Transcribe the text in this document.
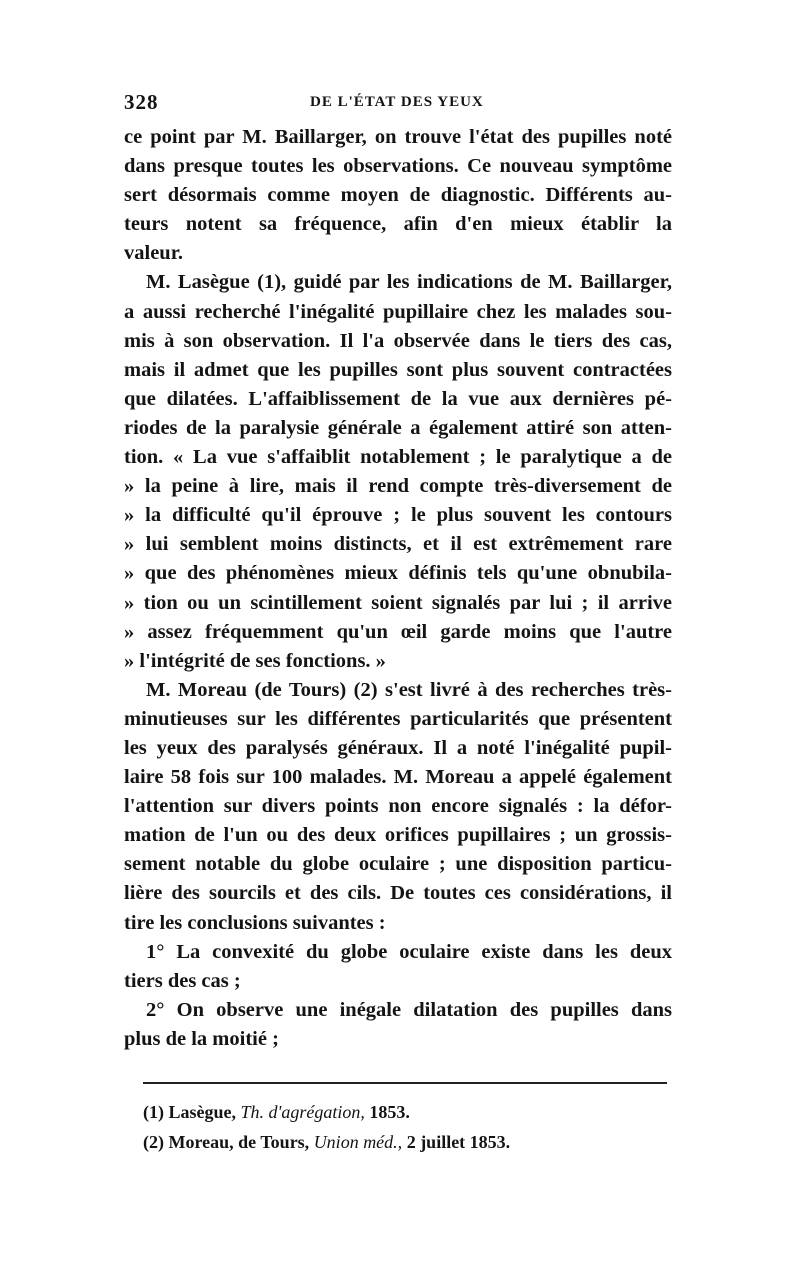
328	DE L'ÉTAT DES YEUX
ce point par M. Baillarger, on trouve l'état des pupilles noté
dans presque toutes les observations. Ce nouveau symptôme
sert désormais comme moyen de diagnostic. Différents au-
teurs notent sa fréquence, afin d'en mieux établir la
valeur.
M. Lasègue (1), guidé par les indications de M. Baillarger,
a aussi recherché l'inégalité pupillaire chez les malades sou-
mis à son observation. Il l'a observée dans le tiers des cas,
mais il admet que les pupilles sont plus souvent contractées
que dilatées. L'affaiblissement de la vue aux dernières pé-
riodes de la paralysie générale a également attiré son atten-
tion. « La vue s'affaiblit notablement ; le paralytique a de
» la peine à lire, mais il rend compte très-diversement de
» la difficulté qu'il éprouve ; le plus souvent les contours
» lui semblent moins distincts, et il est extrêmement rare
» que des phénomènes mieux définis tels qu'une obnubila-
» tion ou un scintillement soient signalés par lui ; il arrive
» assez fréquemment qu'un œil garde moins que l'autre
» l'intégrité de ses fonctions. »
M. Moreau (de Tours) (2) s'est livré à des recherches très-
minutieuses sur les différentes particularités que présentent
les yeux des paralysés généraux. Il a noté l'inégalité pupil-
laire 58 fois sur 100 malades. M. Moreau a appelé également
l'attention sur divers points non encore signalés : la défor-
mation de l'un ou des deux orifices pupillaires ; un grossis-
sement notable du globe oculaire ; une disposition particu-
lière des sourcils et des cils. De toutes ces considérations, il
tire les conclusions suivantes :
1° La convexité du globe oculaire existe dans les deux
tiers des cas ;
2° On observe une inégale dilatation des pupilles dans
plus de la moitié ;
(1) Lasègue, Th. d'agrégation, 1853.
(2) Moreau, de Tours, Union méd., 2 juillet 1853.
